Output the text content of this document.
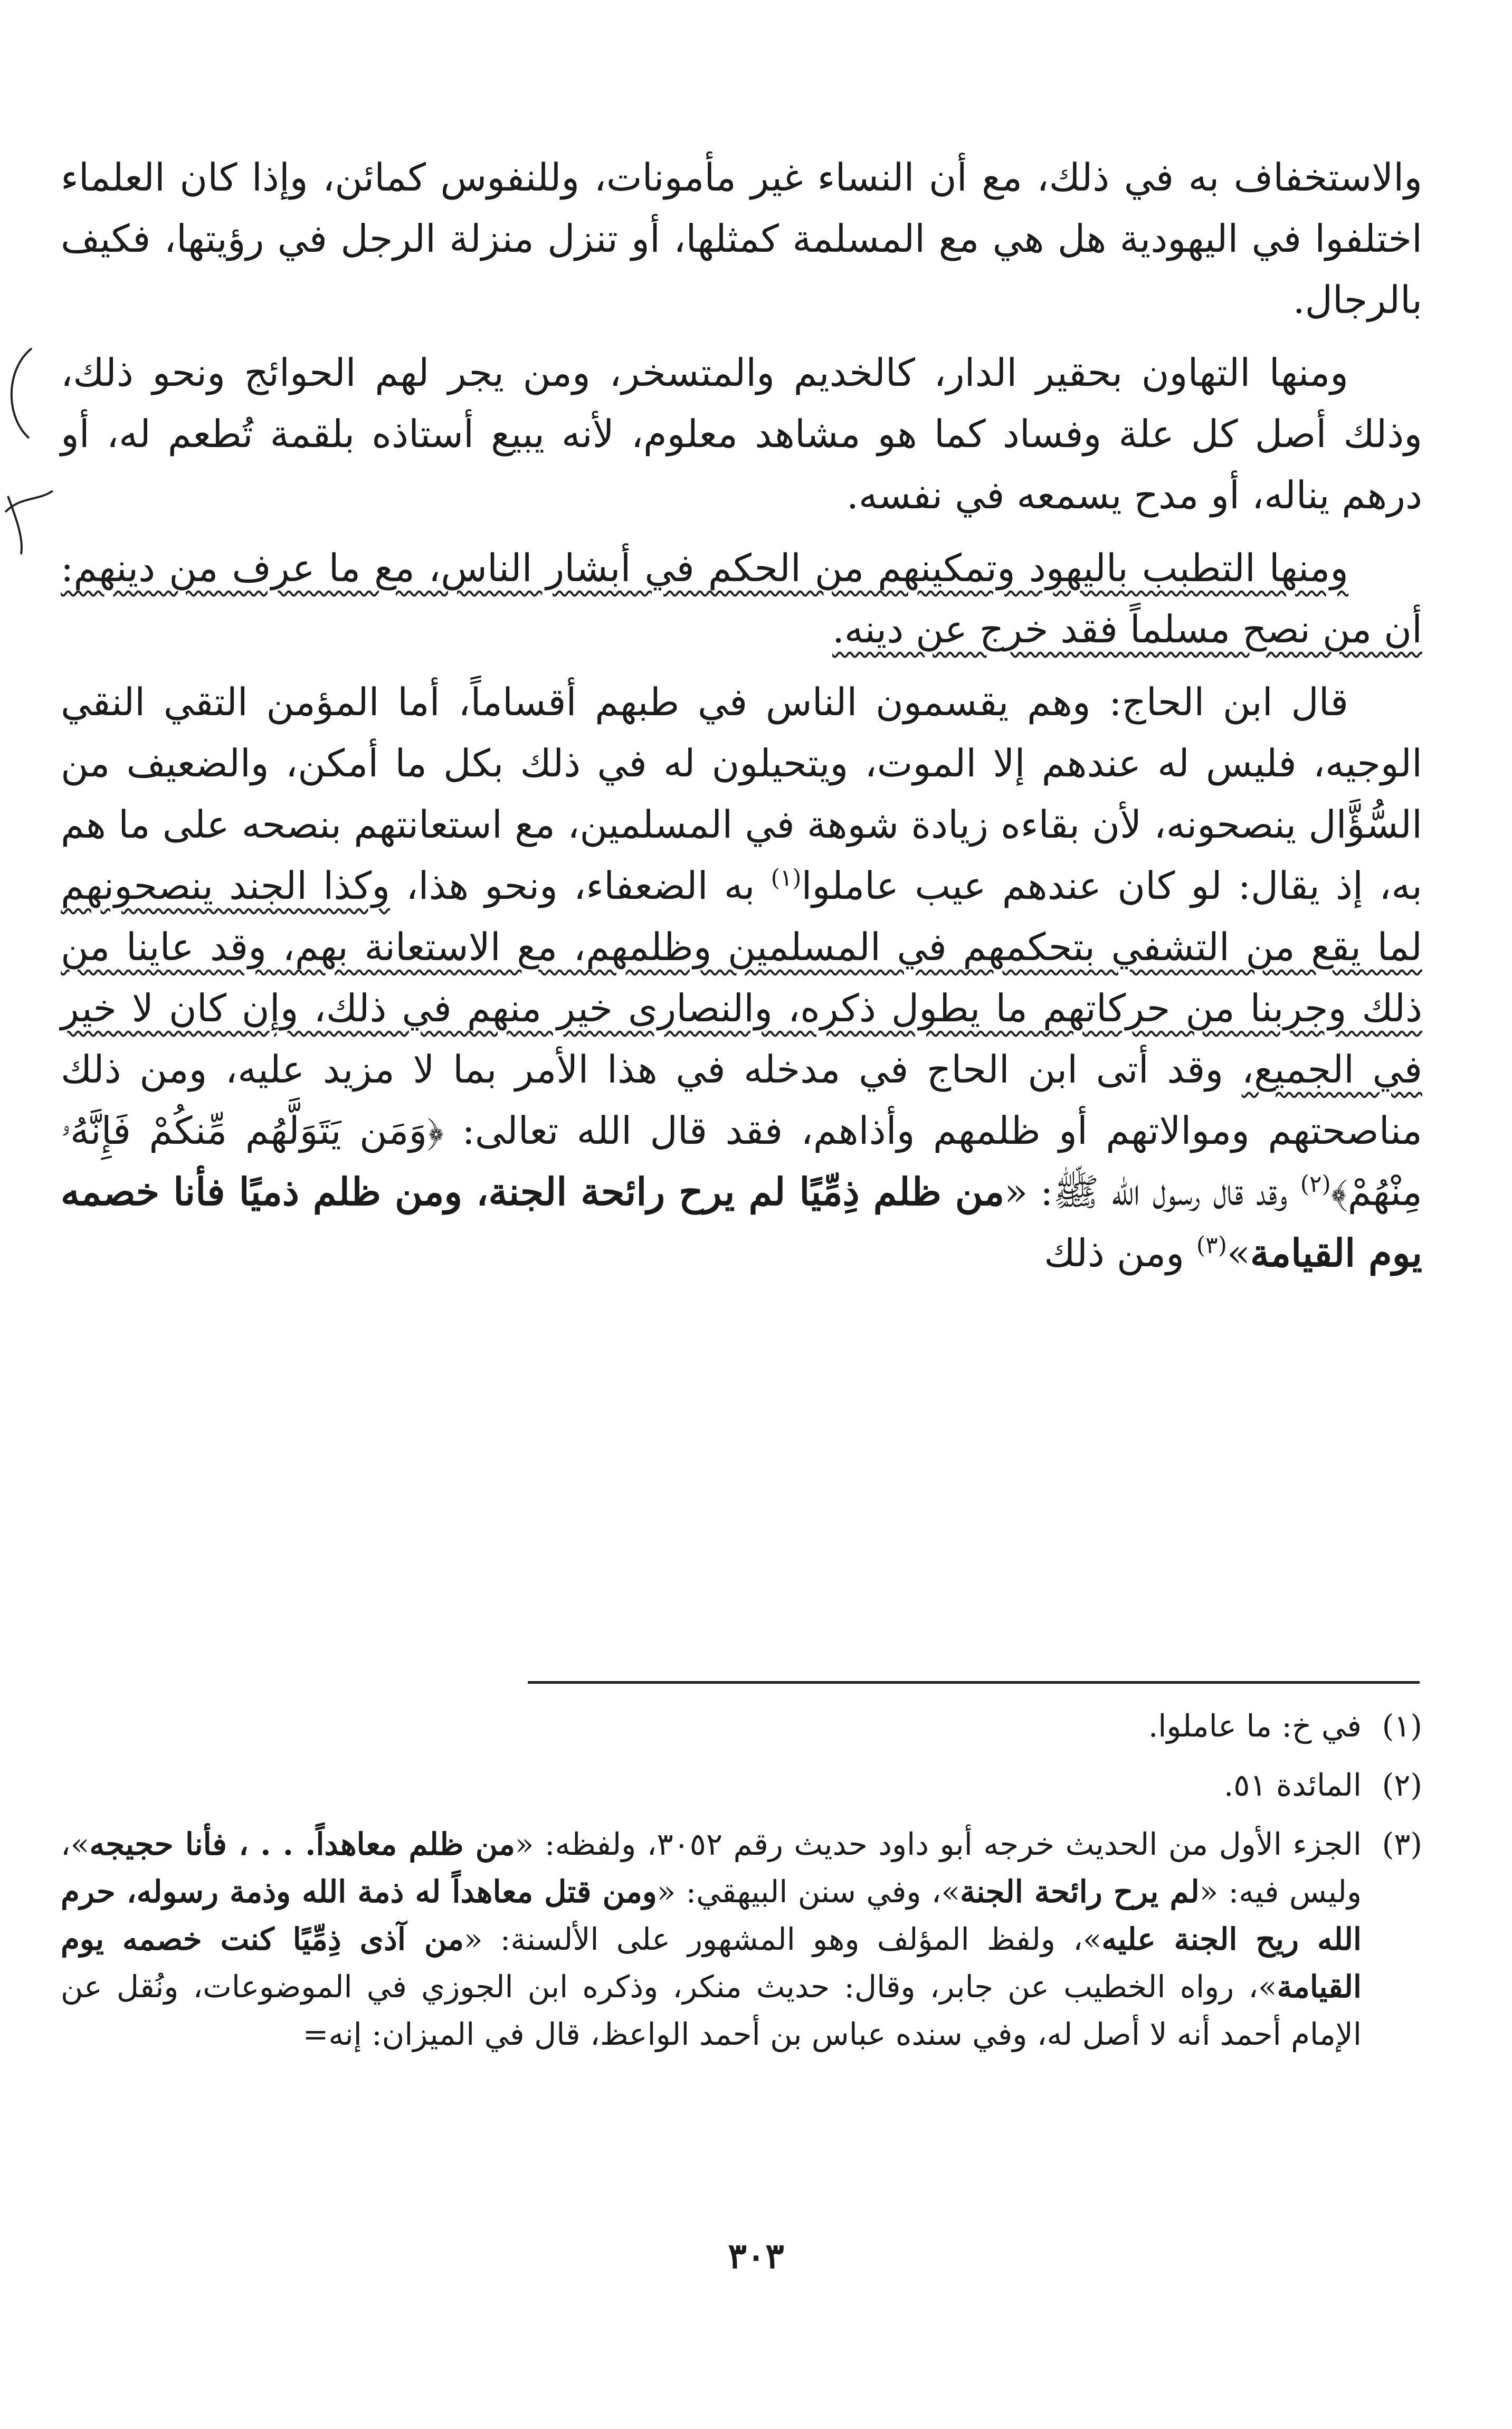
والاستخفاف به في ذلك، مع أن النساء غير مأمونات، وللنفوس كمائن، وإذا كان العلماء اختلفوا في اليهودية هل هي مع المسلمة كمثلها، أو تنزل منزلة الرجل في رؤيتها، فكيف بالرجال.

ومنها التهاون بحقير الدار، كالخديم والمتسخر، ومن يجر لهم الحوائج ونحو ذلك، وذلك أصل كل علة وفساد كما هو مشاهد معلوم، لأنه يبيع أستاذه بلقمة تُطعم له، أو درهم يناله، أو مدح يسمعه في نفسه.

ومنها التطبب باليهود وتمكينهم من الحكم في أبشار الناس، مع ما عرف من دينهم: أن من نصح مسلماً فقد خرج عن دينه.

قال ابن الحاج: وهم يقسمون الناس في طبهم أقساماً، أما المؤمن التقي النقي الوجيه، فليس له عندهم إلا الموت، ويتحيلون له في ذلك بكل ما أمكن، والضعيف من السُّؤَّال ينصحونه، لأن بقاءه زيادة شوهة في المسلمين، مع استعانتهم بنصحه على ما هم به، إذ يقال: لو كان عندهم عيب عاملوا$^{(١)}$ به الضعفاء، ونحو هذا، وكذا الجند ينصحونهم لما يقع من التشفي بتحكمهم في المسلمين وظلمهم، مع الاستعانة بهم، وقد عاينا من ذلك وجربنا من حركاتهم ما يطول ذكره، والنصارى خير منهم في ذلك، وإن كان لا خير في الجميع، وقد أتى ابن الحاج في مدخله في هذا الأمر بما لا مزيد عليه، ومن ذلك مناصحتهم وموالاتهم أو ظلمهم وأذاهم، فقد قال الله تعالى: ﴿وَمَن يَتَوَلَّهُم مِّنكُمْ فَإِنَّهُۥ مِنْهُمْ﴾$^{(٢)}$ وقد قال رسول الله ﷺ: «من ظلم ذِمِّيًا لم يرح رائحة الجنة، ومن ظلم ذميًا فأنا خصمه يوم القيامة»$^{(٣)}$ ومن ذلك

(١)
في خ: ما عاملوا.
(٢)
المائدة ٥١.
(٣)
الجزء الأول من الحديث خرجه أبو داود حديث رقم ٣٠٥٢، ولفظه: «من ظلم معاهداً. . . ، فأنا حجيجه»، وليس فيه: «لم يرح رائحة الجنة»، وفي سنن البيهقي: «ومن قتل معاهداً له ذمة الله وذمة رسوله، حرم الله ريح الجنة عليه»، ولفظ المؤلف وهو المشهور على الألسنة: «من آذى ذِمِّيًا كنت خصمه يوم القيامة»، رواه الخطيب عن جابر، وقال: حديث منكر، وذكره ابن الجوزي في الموضوعات، ونُقل عن الإمام أحمد أنه لا أصل له، وفي سنده عباس بن أحمد الواعظ، قال في الميزان: إنه=
٣٠٣
